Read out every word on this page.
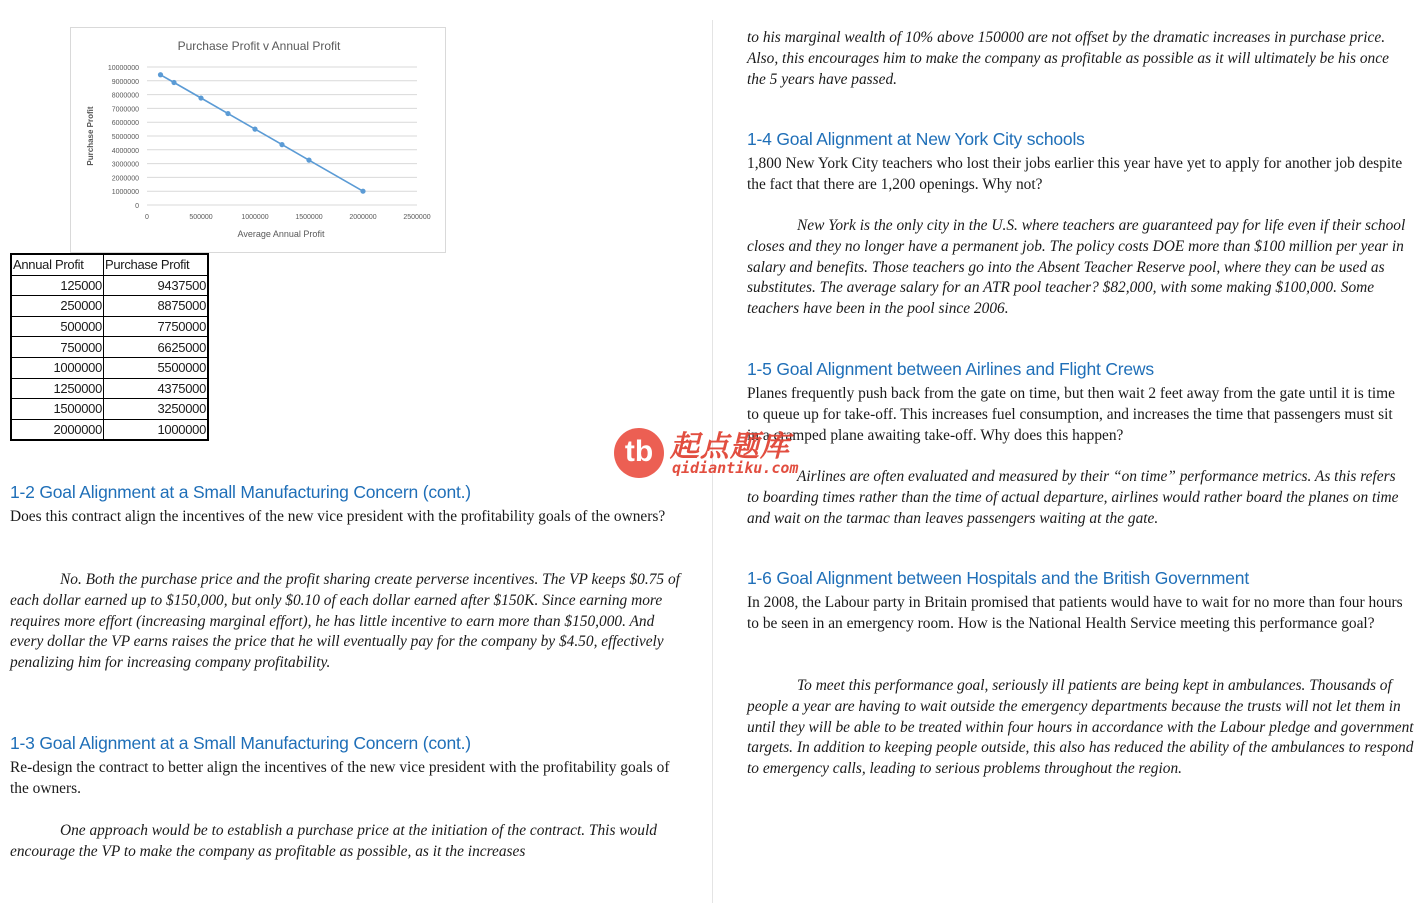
Purchase Profit v Annual Profit
Average Annual Profit
Purchase Profit
10000000
9000000
8000000
7000000
6000000
5000000
4000000
3000000
2000000
1000000
0
0	500000	1000000	1500000	2000000	2500000
Annual Profit	Purchase Profit
125000	9437500
250000	8875000
500000	7750000
750000	6625000
1000000	5500000
1250000	4375000
1500000	3250000
2000000	1000000
1-2 Goal Alignment at a Small Manufacturing Concern (cont.)

Does this contract align the incentives of the new vice president with the profitability goals of the owners?

No. Both the purchase price and the profit sharing create perverse incentives. The VP keeps $0.75 of each dollar earned up to $150,000, but only $0.10 of each dollar earned after $150K. Since earning more requires more effort (increasing marginal effort), he has little incentive to earn more than $150,000. And every dollar the VP earns raises the price that he will eventually pay for the company by $4.50, effectively penalizing him for increasing company profitability.

1-3 Goal Alignment at a Small Manufacturing Concern (cont.)

Re-design the contract to better align the incentives of the new vice president with the profitability goals of the owners.

One approach would be to establish a purchase price at the initiation of the contract. This would encourage the VP to make the company as profitable as possible, as it the increases

to his marginal wealth of 10% above 150000 are not offset by the dramatic increases in purchase price. Also, this encourages him to make the company as profitable as possible as it will ultimately be his once the 5 years have passed.

1-4 Goal Alignment at New York City schools

1,800 New York City teachers who lost their jobs earlier this year have yet to apply for another job despite the fact that there are 1,200 openings. Why not?

New York is the only city in the U.S. where teachers are guaranteed pay for life even if their school closes and they no longer have a permanent job. The policy costs DOE more than $100 million per year in salary and benefits. Those teachers go into the Absent Teacher Reserve pool, where they can be used as substitutes. The average salary for an ATR pool teacher? $82,000, with some making $100,000. Some teachers have been in the pool since 2006.

1-5 Goal Alignment between Airlines and Flight Crews

Planes frequently push back from the gate on time, but then wait 2 feet away from the gate until it is time to queue up for take-off. This increases fuel consumption, and increases the time that passengers must sit in a cramped plane awaiting take-off. Why does this happen?

Airlines are often evaluated and measured by their “on time” performance metrics. As this refers to boarding times rather than the time of actual departure, airlines would rather board the planes on time and wait on the tarmac than leaves passengers waiting at the gate.

1-6 Goal Alignment between Hospitals and the British Government

In 2008, the Labour party in Britain promised that patients would have to wait for no more than four hours to be seen in an emergency room. How is the National Health Service meeting this performance goal?

To meet this performance goal, seriously ill patients are being kept in ambulances. Thousands of people a year are having to wait outside the emergency departments because the trusts will not let them in until they will be able to be treated within four hours in accordance with the Labour pledge and government targets. In addition to keeping people outside, this also has reduced the ability of the ambulances to respond to emergency calls, leading to serious problems throughout the region.

tb 起点题库
qidiantiku.com
